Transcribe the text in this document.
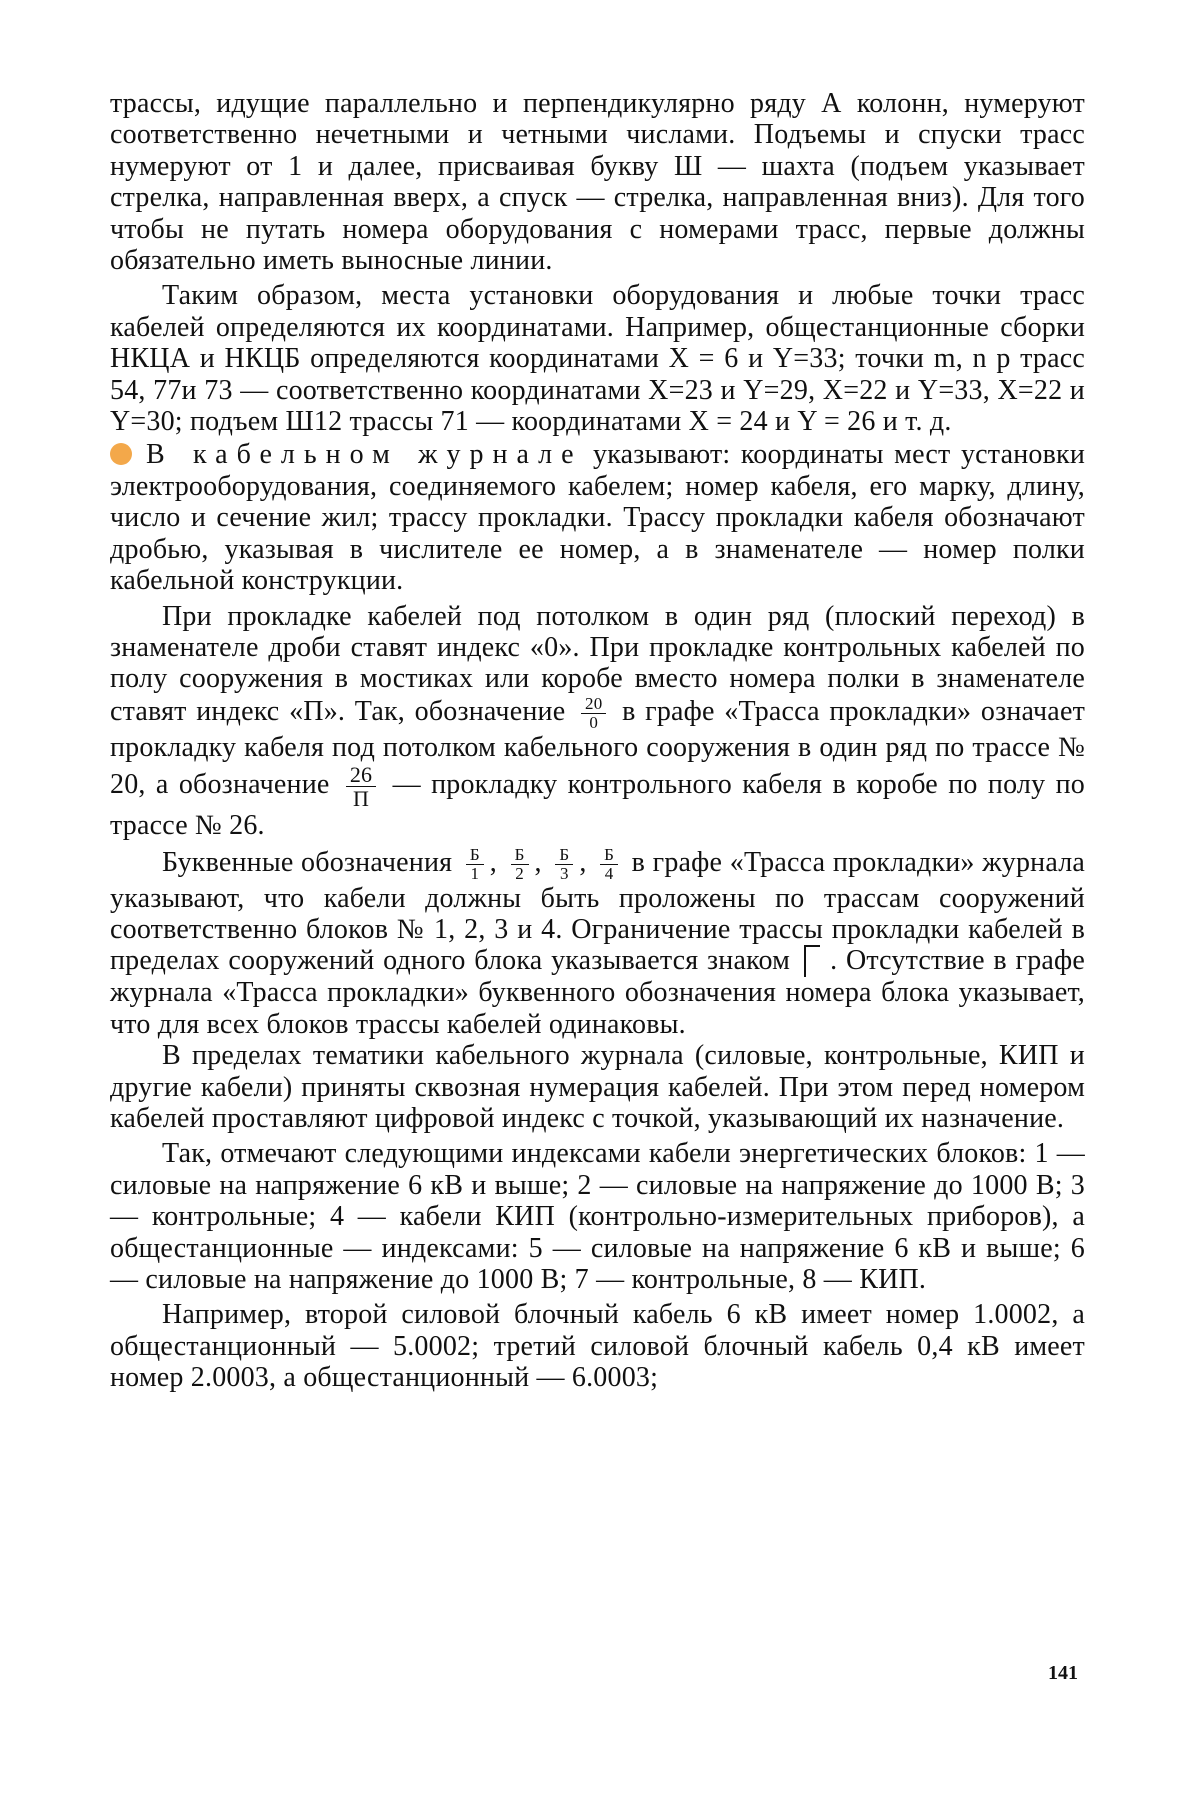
трассы, идущие параллельно и перпендикулярно ряду А колонн, нумеруют соответственно нечетными и четными числами. Подъемы и спуски трасс нумеруют от 1 и далее, присваивая букву Ш — шахта (подъем указывает стрелка, направленная вверх, а спуск — стрелка, направленная вниз). Для того чтобы не путать номера оборудования с номерами трасс, первые должны обязательно иметь выносные линии.

Таким образом, места установки оборудования и любые точки трасс кабелей определяются их координатами. Например, общестанционные сборки НКЦА и НКЦБ определяются координатами X = 6 и Y=33; точки m, n p трасс 54, 77и 73 — соответственно координатами X=23 и Y=29, X=22 и Y=33, X=22 и Y=30; подъем Ш12 трассы 71 — координатами X = 24 и Y = 26 и т. д.

В кабельном журнале указывают: координаты мест установки электрооборудования, соединяемого кабелем; номер кабеля, его марку, длину, число и сечение жил; трассу прокладки. Трассу прокладки кабеля обозначают дробью, указывая в числителе ее номер, а в знаменателе — номер полки кабельной конструкции.

При прокладке кабелей под потолком в один ряд (плоский переход) в знаменателе дроби ставят индекс «0». При прокладке контрольных кабелей по полу сооружения в мостиках или коробе вместо номера полки в знаменателе ставят индекс «П». Так, обозначение $\frac{20}{0}$ в графе «Трасса прокладки» означает прокладку кабеля под потолком кабельного сооружения в один ряд по трассе № 20, а обозначение $\frac{26}{П}$ — прокладку контрольного кабеля в коробе по полу по трассе № 26.

Буквенные обозначения $\frac{Б}{1}$ , $\frac{Б}{2}$ , $\frac{Б}{3}$ , $\frac{Б}{4}$ в графе «Трасса прокладки» журнала указывают, что кабели должны быть проложены по трассам сооружений соответственно блоков № 1, 2, 3 и 4. Ограничение трассы прокладки кабелей в пределах сооружений одного блока указывается знаком . Отсутствие в графе журнала «Трасса прокладки» буквенного обозначения номера блока указывает, что для всех блоков трассы кабелей одинаковы.

В пределах тематики кабельного журнала (силовые, контрольные, КИП и другие кабели) приняты сквозная нумерация кабелей. При этом перед номером кабелей проставляют цифровой индекс с точкой, указывающий их назначение.

Так, отмечают следующими индексами кабели энергетических блоков: 1 — силовые на напряжение 6 кВ и выше; 2 — силовые на напряжение до 1000 В; 3 — контрольные; 4 — кабели КИП (контрольно-измерительных приборов), а общестанционные — индексами: 5 — силовые на напряжение 6 кВ и выше; 6 — силовые на напряжение до 1000 В; 7 — контрольные, 8 — КИП.

Например, второй силовой блочный кабель 6 кВ имеет номер 1.0002, а общестанционный — 5.0002; третий силовой блочный кабель 0,4 кВ имеет номер 2.0003, а общестанционный — 6.0003;

141
